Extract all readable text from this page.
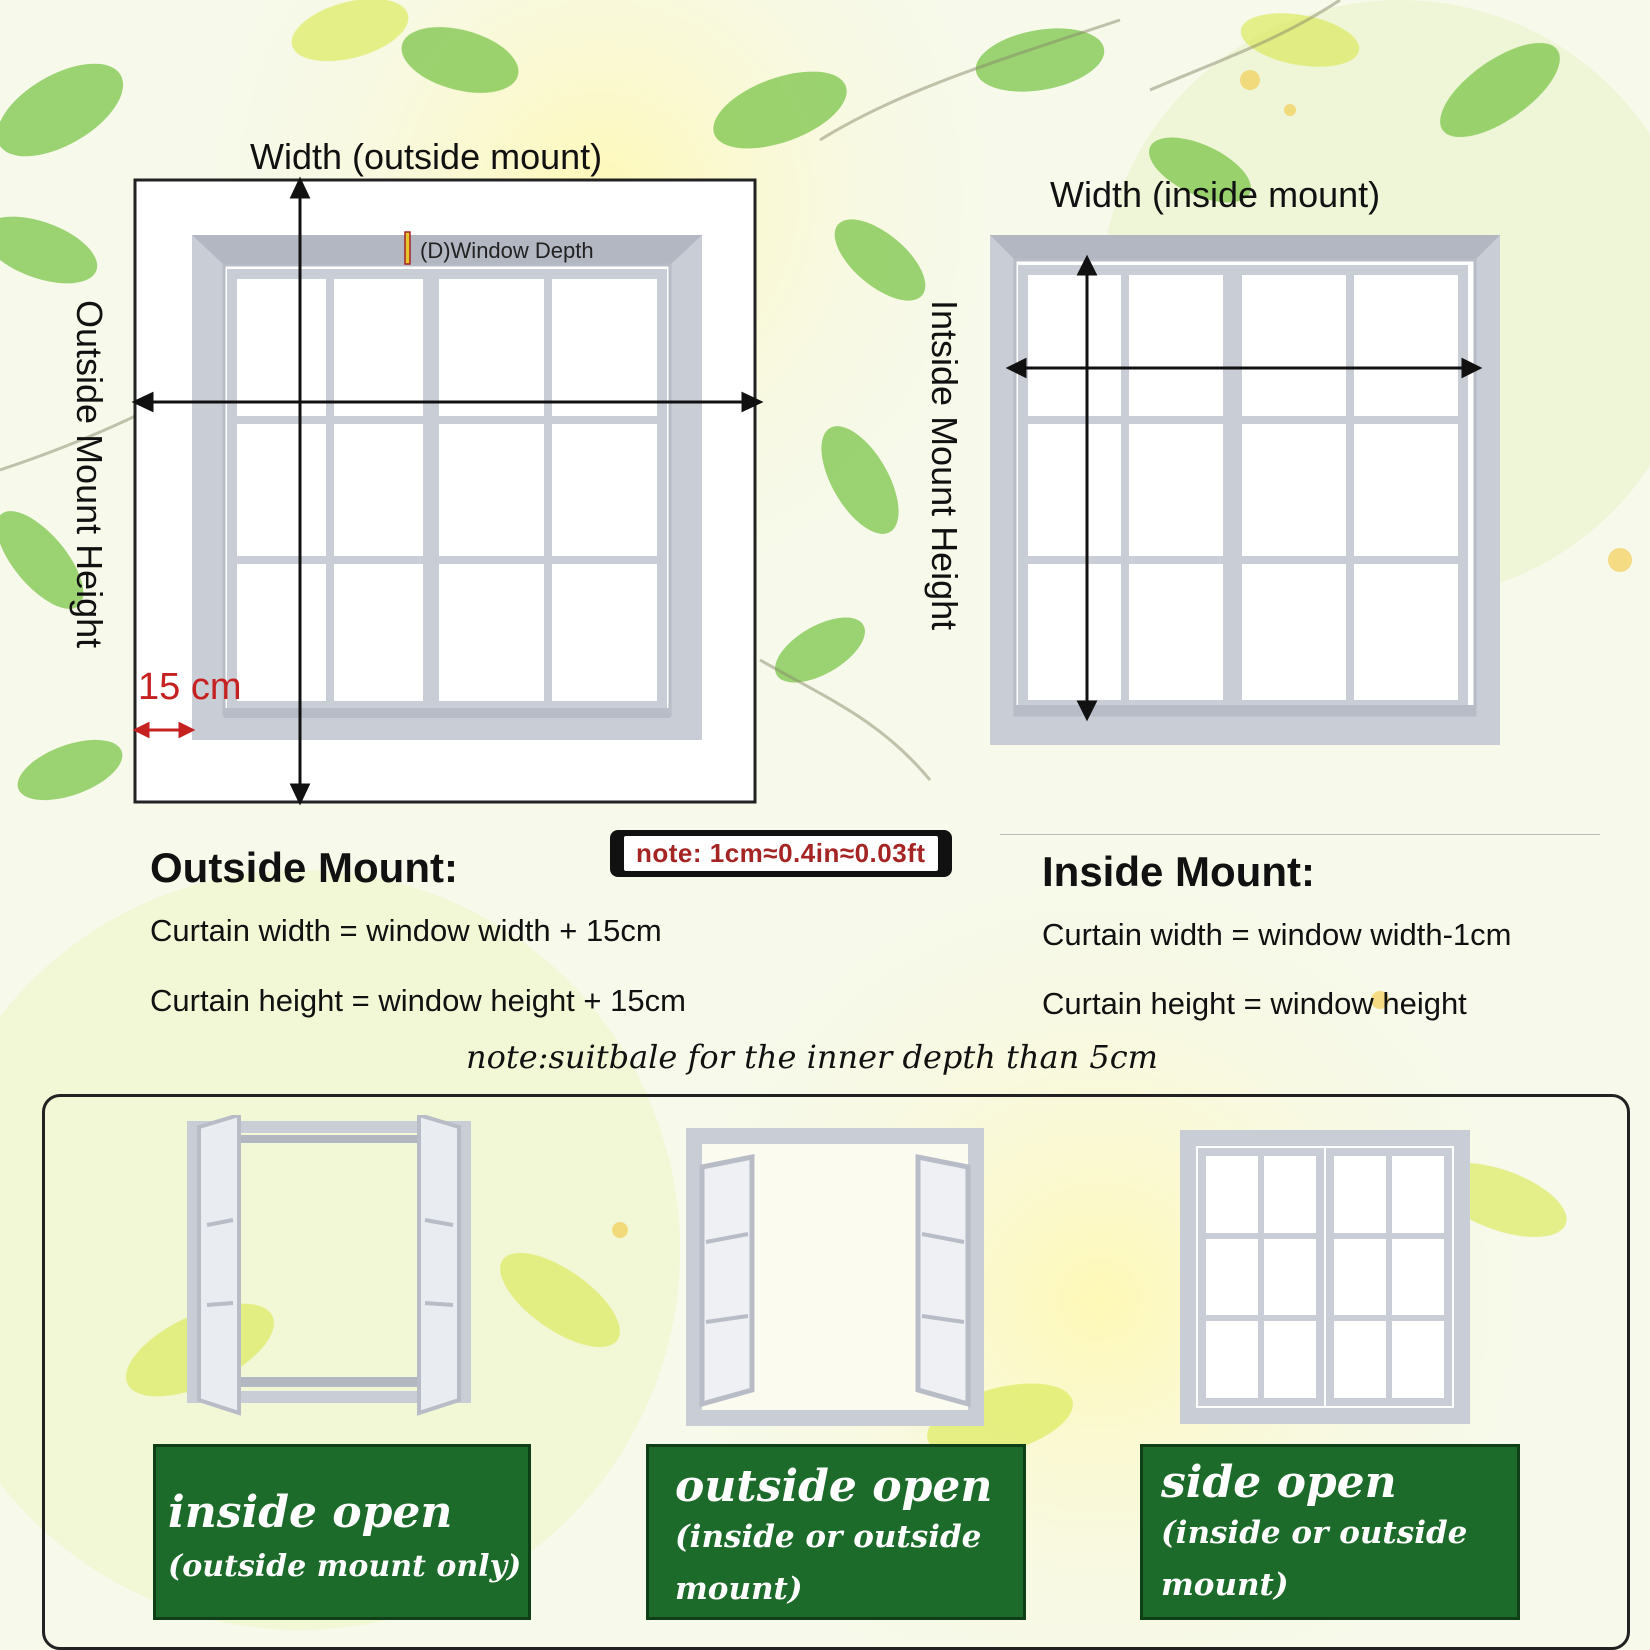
Width (outside mount)
(D)Window Depth
15 cm
Outside Mount Height
Width (inside mount)
Intside Mount Height
note: 1cm≈0.4in≈0.03ft
Outside Mount:
Curtain width = window width + 15cm
Curtain height = window height + 15cm
Inside Mount:
Curtain width = window width-1cm
Curtain height = window height
note:suitbale for the inner depth than 5cm
inside open
(outside mount only)
outside open
(inside or outside
mount)
side open
(inside or outside
mount)
